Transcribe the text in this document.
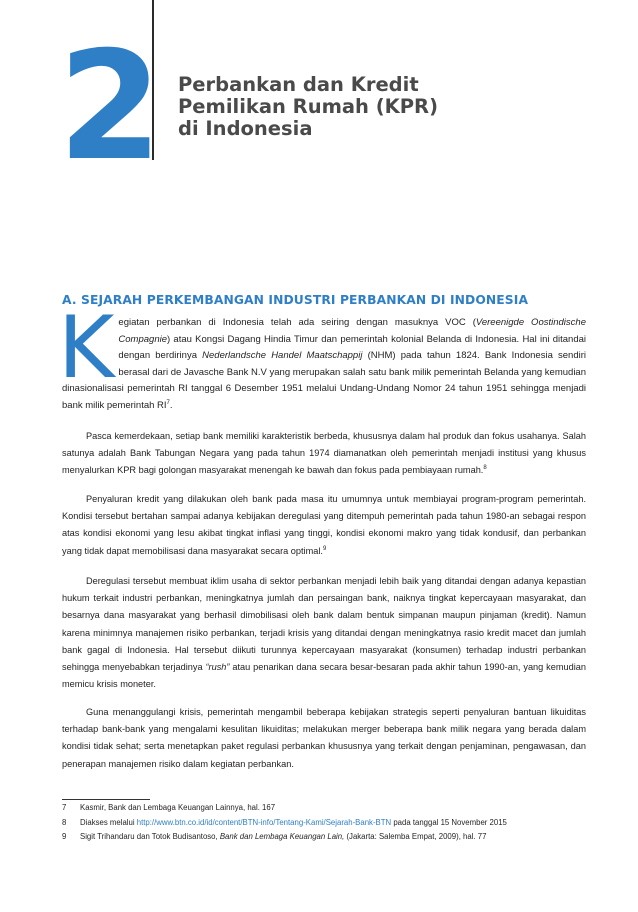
2 Perbankan dan Kredit
Pemilikan Rumah (KPR)
di Indonesia
A. SEJARAH PERKEMBANGAN INDUSTRI PERBANKAN DI INDONESIA
Kegiatan perbankan di Indonesia telah ada seiring dengan masuknya VOC (Vereenigde Oostindische Compagnie) atau Kongsi Dagang Hindia Timur dan pemerintah kolonial Belanda di Indonesia. Hal ini ditandai dengan berdirinya Nederlandsche Handel Maatschappij (NHM) pada tahun 1824. Bank Indonesia sendiri berasal dari de Javasche Bank N.V yang merupakan salah satu bank milik pemerintah Belanda yang kemudian dinasionalisasi pemerintah RI tanggal 6 Desember 1951 melalui Undang-Undang Nomor 24 tahun 1951 sehingga menjadi bank milik pemerintah $RI^7$.
Pasca kemerdekaan, setiap bank memiliki karakteristik berbeda, khususnya dalam hal produk dan fokus usahanya. Salah satunya adalah Bank Tabungan Negara yang pada tahun 1974 diamanatkan oleh pemerintah menjadi institusi yang khusus menyalurkan KPR bagi golongan masyarakat menengah ke bawah dan fokus pada pembiayaan rumah.$^8$
Penyaluran kredit yang dilakukan oleh bank pada masa itu umumnya untuk membiayai program-program pemerintah. Kondisi tersebut bertahan sampai adanya kebijakan deregulasi yang ditempuh pemerintah pada tahun 1980-an sebagai respon atas kondisi ekonomi yang lesu akibat tingkat inflasi yang tinggi, kondisi ekonomi makro yang tidak kondusif, dan perbankan yang tidak dapat memobilisasi dana masyarakat secara optimal.$^9$
Deregulasi tersebut membuat iklim usaha di sektor perbankan menjadi lebih baik yang ditandai dengan adanya kepastian hukum terkait industri perbankan, meningkatnya jumlah dan persaingan bank, naiknya tingkat kepercayaan masyarakat, dan besarnya dana masyarakat yang berhasil dimobilisasi oleh bank dalam bentuk simpanan maupun pinjaman (kredit). Namun karena minimnya manajemen risiko perbankan, terjadi krisis yang ditandai dengan meningkatnya rasio kredit macet dan jumlah bank gagal di Indonesia. Hal tersebut diikuti turunnya kepercayaan masyarakat (konsumen) terhadap industri perbankan sehingga menyebabkan terjadinya “rush” atau penarikan dana secara besar-besaran pada akhir tahun 1990-an, yang kemudian memicu krisis moneter.
Guna menanggulangi krisis, pemerintah mengambil beberapa kebijakan strategis seperti penyaluran bantuan likuiditas terhadap bank-bank yang mengalami kesulitan likuiditas; melakukan merger beberapa bank milik negara yang berada dalam kondisi tidak sehat; serta menetapkan paket regulasi perbankan khususnya yang terkait dengan penjaminan, pengawasan, dan penerapan manajemen risiko dalam kegiatan perbankan.
7 Kasmir, Bank dan Lembaga Keuangan Lainnya, hal. 167
8 Diakses melalui http://www.btn.co.id/id/content/BTN-info/Tentang-Kami/Sejarah-Bank-BTN pada tanggal 15 November 2015
9 Sigit Trihandaru dan Totok Budisantoso, Bank dan Lembaga Keuangan Lain, (Jakarta: Salemba Empat, 2009), hal. 77
